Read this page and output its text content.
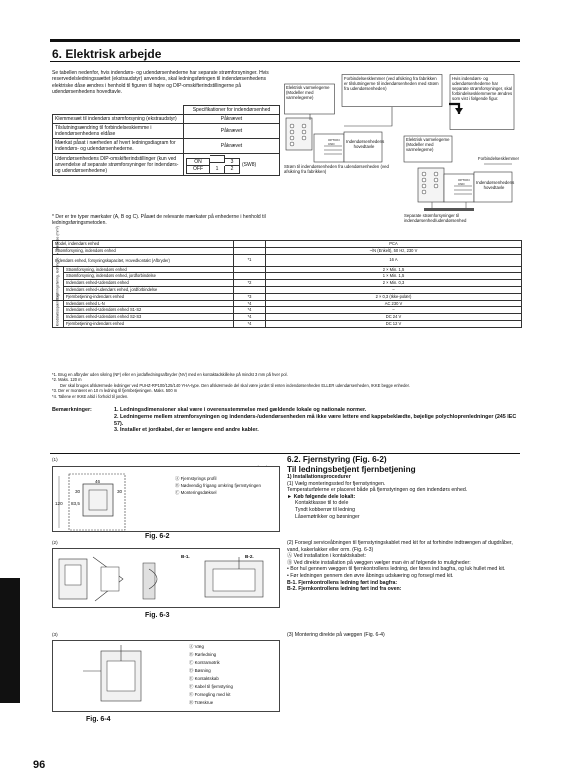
6. Elektrisk arbejde
Se tabellen nedenfor, hvis indendørs- og udendørsenhederne har separate strømforsyninger. Hvis reservedelsledningssættet (ekstraudstyr) anvendes, skal ledningsføringen til indendørsenhedens elektriske dåse ændres i henhold til figuren til højre og DIP-omskifterindstillingerne på udendørsenhedens hovedtavle.
	Specifikationer for indendørsenhed
Klemmesæt til indendørs strømforsyning (ekstraudstyr)	Påkrævet
Tilslutningsændring til forbindelseskiemme i indendørsenhedens eldåse	Påkrævet
Mærkat påsat i nærheden af hvert ledningsdiagram for indendørs- og udendørsenhederne.	Påkrævet
Udendørsenhedens DIP-omskifterindstillinger (kun ved anvendelse af separate strømforsyninger for indendørs- og udendørsenhedene)	ON 3
OFF 1 2
(SW8)
* Der er tre typer mærkater (A, B og C). Påsæt de relevante mærkater på enhederne i henhold til ledningsføringsmetoden.
Elektrisk varmelegeme (Modeller med varmelegeme)
Forbindelsesklemmer (ved afsikring fra fabrikken er tilslutningerne til indendørsenheden med strøm fra udendørsenheden)
Hvis indendørs- og udendørsenhederne har separate strømforsyninger, skal forbindelsesklemmerne ændres som vist i følgende figur.
Indendørsenhedens hovedtavle
OPTION
CND
Strøm til indendørsenheden fra udendørsenheden (ved afsikring fra fabrikken)
Elektrisk varmelegeme (Modeller med varmelegeme)
Forbindelsesklemmer
OPTION
CND	Indendørsenhedens hovedtavle
Separate strømforsyninger til indendørsenhed/udendørsenhed
Model, indendørs enhed			PCA
Strømforsyning, indendørs enhed			~/N (Enkelt), 50 Hz, 230 V
Indendørs enhed, forsyningskapacitet, Hovedkontakt (Afbryder)		*1	16 A
Ledningsføring, ledning nr. × størrelse (mm²)	Strømforsyning, indendørs enhed		2 × Min. 1,5
	Strømforsyning, indendørs enhed, jordforbindelse		1 × Min. 1,5
	Indendørs enhed-Udendørs enhed	*2	2 × Min. 0,3
	Indendørs enhed-udendørs enhed, jordforbindelse		–
	Fjernbetjening-indendørs enhed	*3	2 × 0,3 (Ikke-polær)
Kredsløbsspænding	Indendørs enhed L-N	*4	AC 230 V
	Indendørs enhed-Udendørs enhed S1-S2	*4	–
	Indendørs enhed-Udendørs enhed S2-S3	*4	DC 24 V
	Fjernbetjening-indendørs enhed	*4	DC 12 V
*1. Brug en afbryder uden sikring (NF) eller en jordafledningsafbryder (NV) med en kontaktadskillelse på mindst 3 mm på hver pol.
*2. Maks. 120 m
Der skal bruges afskærmede ledninger ved PUHZ-RP100/125/140 YHA-type. Den afskærmede del skal være jordet til enten indendørsenheden ELLER udendørsenheden, IKKE begge enheder.
*3. Der er monteret en 10 m ledning til fjernbetjeningen. Maks. 500 m
*4. Tallene er IKKE altid i forhold til jorden.
Bemærkninger:	1. Ledningsdimensioner skal være i overensstemmelse med gældende lokale og nationale normer.
2. Ledningerne mellem strømforsyningen og indendørs-/udendørsenheden må ikke være lettere end kappebeklædte, bøjelige polychloprenledninger (245 IEC 57).
3. Installer et jordkabel, der er længere end andre kabler.
(1)
30
46
30
83,5
120
Ⓐ Fjernstyrings profil
Ⓑ Nødvendig frigang omkring fjernstyringen
Ⓒ Monteringsdæksel
Fig. 6-2
(2)
B-1.	B-2.
Fig. 6-3
(3)
Ⓐ Væg
Ⓑ Rørledning
Ⓒ Kontramøtrik
Ⓓ Bøsning
Ⓔ Kontaktskab
Ⓕ Kabel til fjernstyring
Ⓖ Forsegling med kit
Ⓗ Træskrue
Fig. 6-4
6.2. Fjernstyring (Fig. 6-2)
Til ledningsbetjent fjernbetjening
1) Installationsprocedurer
(1) Vælg monteringssted for fjernstyringen.
Temperaturfølerne er placeret både på fjernstyringen og den indendørs enhed.
► Køb følgende dele lokalt:
Kontaktkasse til to dele
Tyndt kobberrør til ledning
Låsemøtrikker og bøsninger
(2) Forsegl serviceåbningen til fjernstyringskablet med kit for at forhindre indtrængen af dugdråber, vand, kakerlakker eller orm. (Fig. 6-3)
Ⓐ Ved installation i kontaktskabet:
Ⓑ Ved direkte installation på væggen vælger man én af følgende to muligheder:
• Bor hul gennem væggen til fjernkontrollens ledning, der føres ind bagfra, og luk hullet med kit.
• Før ledningen gennem den øvre åbnings udskæring og forsegl med kit.
B-1. Fjernkontrollens ledning ført ind bagfra:
B-2. Fjernkontrollens ledning ført ind fra oven:
(3) Montering direkte på væggen (Fig. 6-4)
96
